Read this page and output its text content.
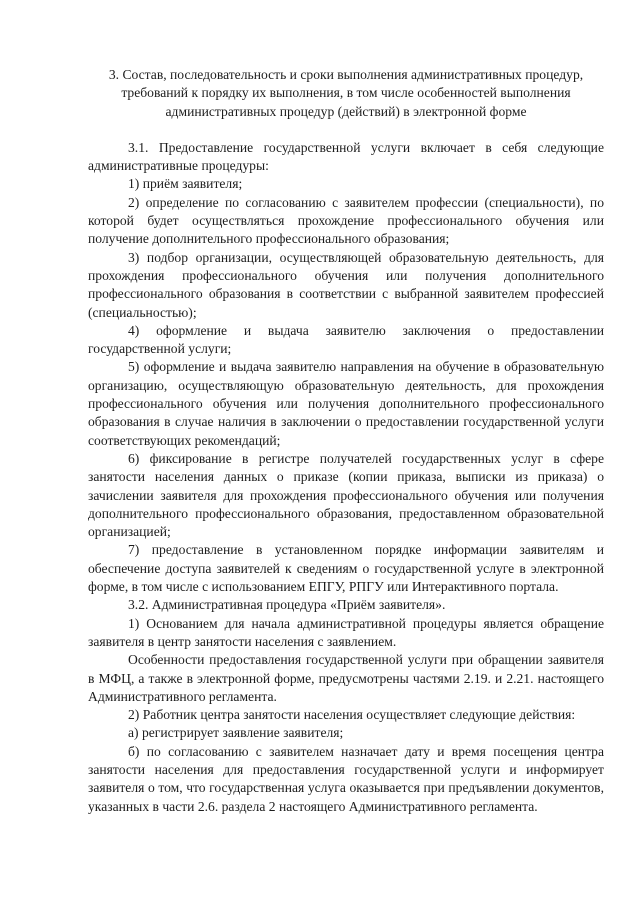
3. Состав, последовательность и сроки выполнения административных процедур, требований к порядку их выполнения, в том числе особенностей выполнения административных процедур (действий) в электронной форме

3.1. Предоставление государственной услуги включает в себя следующие административные процедуры:

1) приём заявителя;

2) определение по согласованию с заявителем профессии (специальности), по которой будет осуществляться прохождение профессионального обучения или получение дополнительного профессионального образования;

3) подбор организации, осуществляющей образовательную деятельность, для прохождения профессионального обучения или получения дополнительного профессионального образования в соответствии с выбранной заявителем профессией (специальностью);

4) оформление и выдача заявителю заключения о предоставлении государственной услуги;

5) оформление и выдача заявителю направления на обучение в образовательную организацию, осуществляющую образовательную деятельность, для прохождения профессионального обучения или получения дополнительного профессионального образования в случае наличия в заключении о предоставлении государственной услуги соответствующих рекомендаций;

6) фиксирование в регистре получателей государственных услуг в сфере занятости населения данных о приказе (копии приказа, выписки из приказа) о зачислении заявителя для прохождения профессионального обучения или получения дополнительного профессионального образования, предоставленном образовательной организацией;

7) предоставление в установленном порядке информации заявителям и обеспечение доступа заявителей к сведениям о государственной услуге в электронной форме, в том числе с использованием ЕПГУ, РПГУ или Интерактивного портала.

3.2. Административная процедура «Приём заявителя».

1) Основанием для начала административной процедуры является обращение заявителя в центр занятости населения с заявлением.

Особенности предоставления государственной услуги при обращении заявителя в МФЦ, а также в электронной форме, предусмотрены частями 2.19. и 2.21. настоящего Административного регламента.

2) Работник центра занятости населения осуществляет следующие действия:

а) регистрирует заявление заявителя;

б) по согласованию с заявителем назначает дату и время посещения центра занятости населения для предоставления государственной услуги и информирует заявителя о том, что государственная услуга оказывается при предъявлении документов, указанных в части 2.6. раздела 2 настоящего Административного регламента.
